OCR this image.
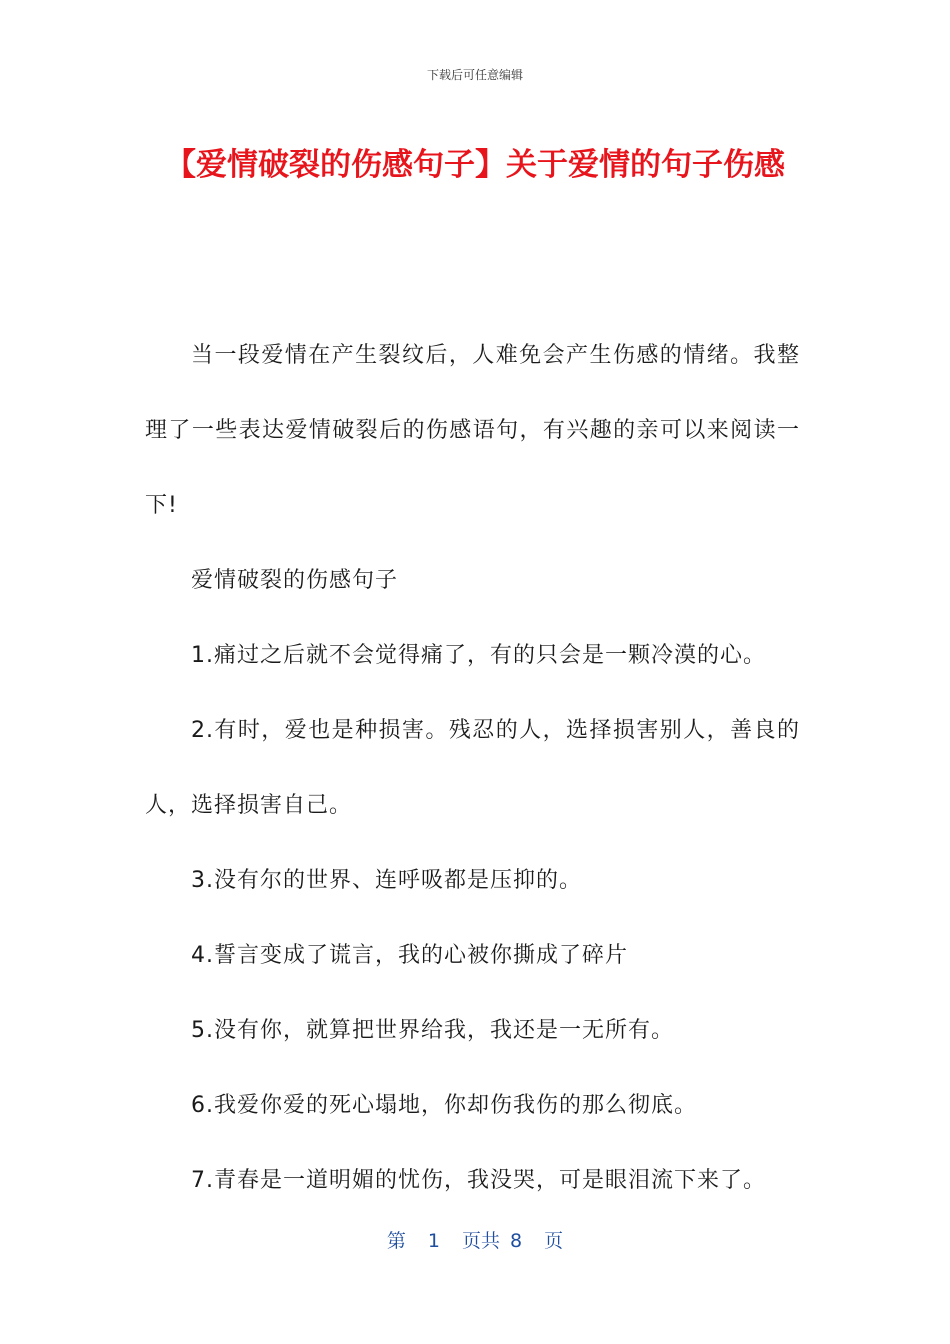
下载后可任意编辑
【爱情破裂的伤感句子】关于爱情的句子伤感

当一段爱情在产生裂纹后，人难免会产生伤感的情绪。我整理了一些表达爱情破裂后的伤感语句，有兴趣的亲可以来阅读一下!

爱情破裂的伤感句子

1.痛过之后就不会觉得痛了，有的只会是一颗冷漠的心。

2.有时，爱也是种损害。残忍的人，选择损害别人，善良的人，选择损害自己。

3.没有尔的世界、连呼吸都是压抑的。

4.誓言变成了谎言，我的心被你撕成了碎片

5.没有你，就算把世界给我，我还是一无所有。

6.我爱你爱的死心塌地，你却伤我伤的那么彻底。

7.青春是一道明媚的忧伤，我没哭，可是眼泪流下来了。

第 1 页共 8 页
